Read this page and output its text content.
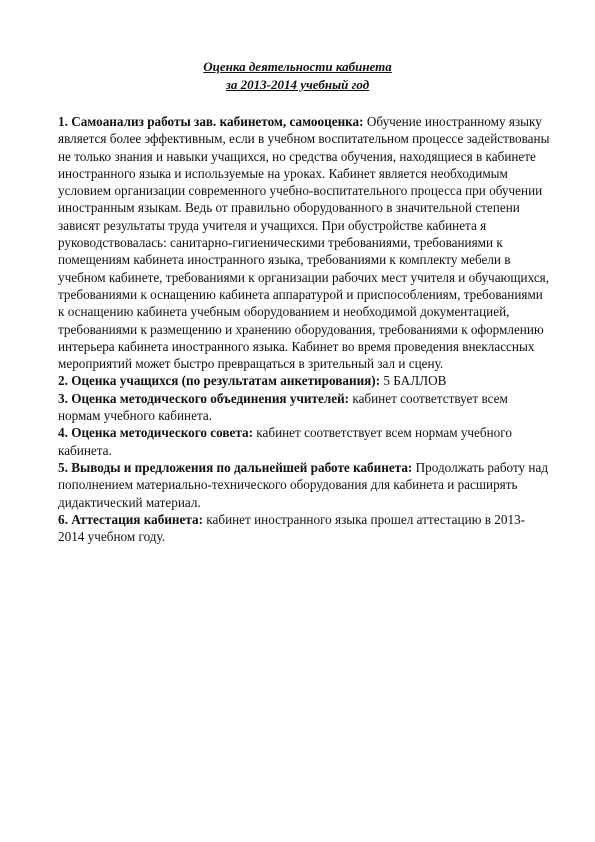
Оценка деятельности кабинета
за 2013-2014 учебный год

1. Самоанализ работы зав. кабинетом, самооценка: Обучение иностранному языку является более эффективным, если в учебном воспитательном процессе задействованы не только знания и навыки учащихся, но средства обучения, находящиеся в кабинете иностранного языка и используемые на уроках. Кабинет является необходимым условием организации современного учебно-воспитательного процесса при обучении иностранным языкам. Ведь от правильно оборудованного в значительной степени зависят результаты труда учителя и учащихся. При обустройстве кабинета я руководствовалась: санитарно-гигиеническими требованиями, требованиями к помещениям кабинета иностранного языка, требованиями к комплекту мебели в учебном кабинете, требованиями к организации рабочих мест учителя и обучающихся, требованиями к оснащению кабинета аппаратурой и приспособлениям, требованиями к оснащению кабинета учебным оборудованием и необходимой документацией, требованиями к размещению и хранению оборудования, требованиями к оформлению интерьера кабинета иностранного языка. Кабинет во время проведения внеклассных мероприятий может быстро превращаться в зрительный зал и сцену.

2. Оценка учащихся (по результатам анкетирования): 5 БАЛЛОВ

3. Оценка методического объединения учителей: кабинет соответствует всем нормам учебного кабинета.

4. Оценка методического совета: кабинет соответствует всем нормам учебного кабинета.

5. Выводы и предложения по дальнейшей работе кабинета: Продолжать работу над пополнением материально-технического оборудования для кабинета и расширять дидактический материал.

6. Аттестация кабинета: кабинет иностранного языка прошел аттестацию в 2013-2014 учебном году.
